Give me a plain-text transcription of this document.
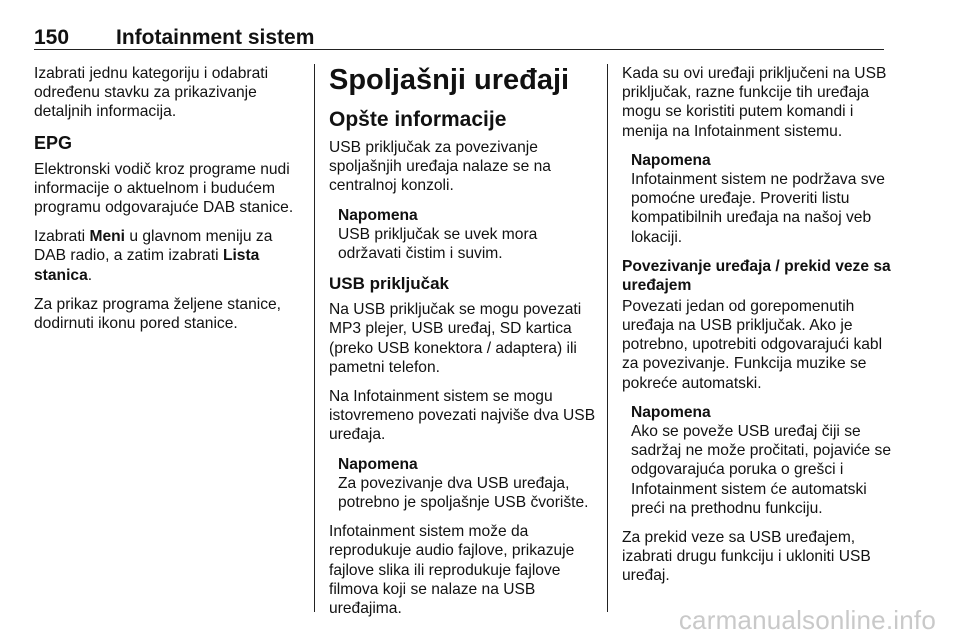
150 Infotainment sistem

Izabrati jednu kategoriju i odabrati određenu stavku za prikazivanje detaljnih informacija.

EPG

Elektronski vodič kroz programe nudi informacije o aktuelnom i budućem programu odgovarajuće DAB stanice.

Izabrati Meni u glavnom meniju za DAB radio, a zatim izabrati Lista stanica.

Za prikaz programa željene stanice, dodirnuti ikonu pored stanice.

Spoljašnji uređaji
Opšte informacije

USB priključak za povezivanje spoljašnjih uređaja nalaze se na centralnoj konzoli.

Napomena
USB priključak se uvek mora održavati čistim i suvim.
USB priključak

Na USB priključak se mogu povezati MP3 plejer, USB uređaj, SD kartica (preko USB konektora / adaptera) ili pametni telefon.

Na Infotainment sistem se mogu istovremeno povezati najviše dva USB uređaja.

Napomena
Za povezivanje dva USB uređaja, potrebno je spoljašnje USB čvorište.

Infotainment sistem može da reprodukuje audio fajlove, prikazuje fajlove slika ili reprodukuje fajlove filmova koji se nalaze na USB uređajima.

Kada su ovi uređaji priključeni na USB priključak, razne funkcije tih uređaja mogu se koristiti putem komandi i menija na Infotainment sistemu.

Napomena
Infotainment sistem ne podržava sve pomoćne uređaje. Proveriti listu kompatibilnih uređaja na našoj veb lokaciji.
Povezivanje uređaja / prekid veze sa uređajem

Povezati jedan od gorepomenutih uređaja na USB priključak. Ako je potrebno, upotrebiti odgovarajući kabl za povezivanje. Funkcija muzike se pokreće automatski.

Napomena
Ako se poveže USB uređaj čiji se sadržaj ne može pročitati, pojaviće se odgovarajuća poruka o grešci i Infotainment sistem će automatski preći na prethodnu funkciju.

Za prekid veze sa USB uređajem, izabrati drugu funkciju i ukloniti USB uređaj.

carmanualsonline.info
